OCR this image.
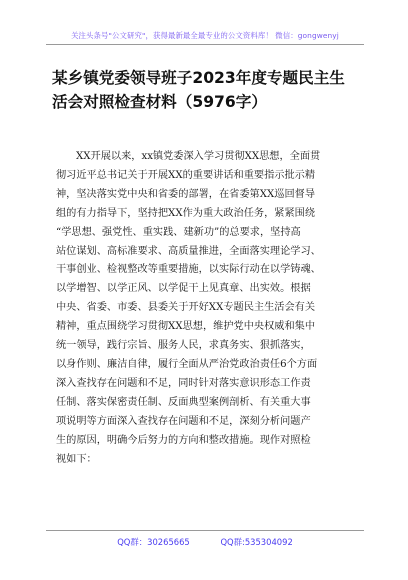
关注头条号"公文研究"，获得最新最全最专业的公文资料库！ 微信：gongwenyj
某乡镇党委领导班子2023年度专题民主生
活会对照检查材料（5976字）
XX开展以来，xx镇党委深入学习贯彻XX思想，全面贯
彻习近平总书记关于开展XX的重要讲话和重要指示批示精
神，坚决落实党中央和省委的部署，在省委第XX巡回督导
组的有力指导下，坚持把XX作为重大政治任务，紧紧围绕
“学思想、强党性、重实践、建新功”的总要求，坚持高
站位谋划、高标准要求、高质量推进，全面落实理论学习、
干事创业、检视整改等重要措施，以实际行动在以学铸魂、
以学增智、以学正风、以学促干上见真章、出实效。根据
中央、省委、市委、县委关于开好XX专题民主生活会有关
精神，重点围绕学习贯彻XX思想，维护党中央权威和集中
统一领导，践行宗旨、服务人民，求真务实、狠抓落实，
以身作则、廉洁自律，履行全面从严治党政治责任6个方面
深入查找存在问题和不足，同时针对落实意识形态工作责
任制、落实保密责任制、反面典型案例剖析、有关重大事
项说明等方面深入查找存在问题和不足，深刻分析问题产
生的原因，明确今后努力的方向和整改措施。现作对照检
视如下：
QQ群：30265665	QQ群:535304092
